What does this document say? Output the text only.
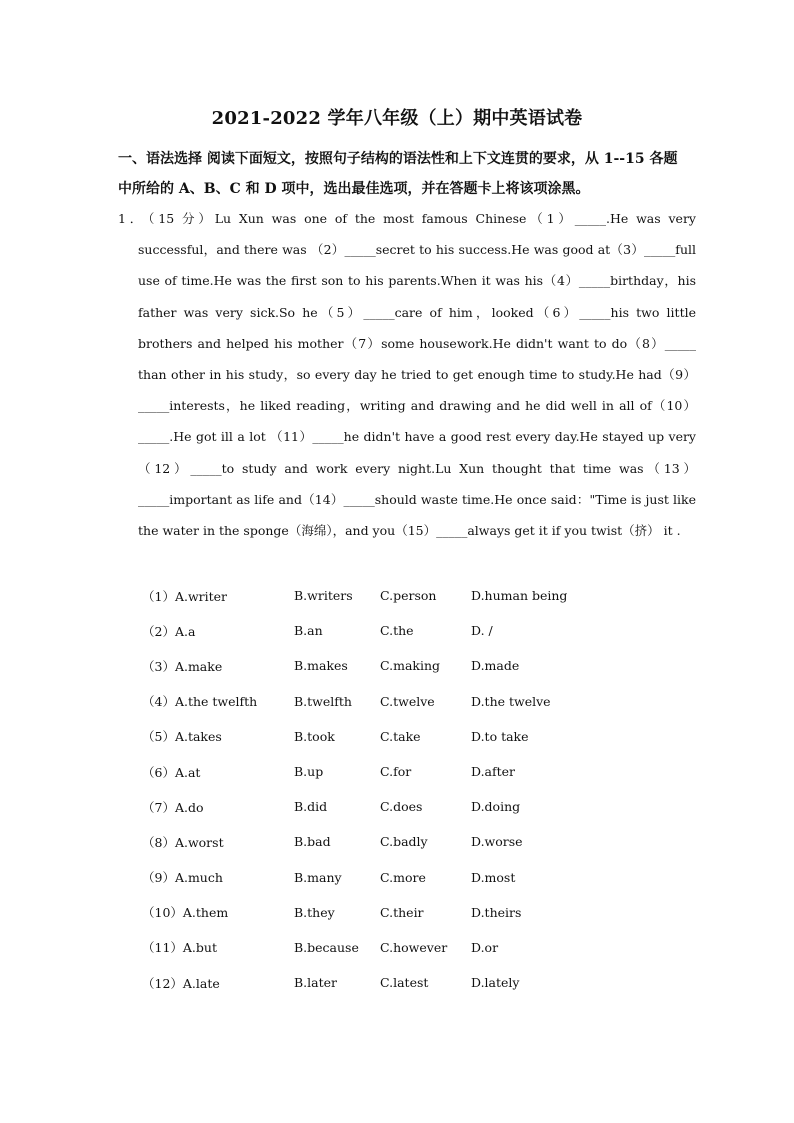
2021-2022 学年八年级（上）期中英语试卷
一、语法选择 阅读下面短文，按照句子结构的语法性和上下文连贯的要求，从 1--15 各题中所给的 A、B、C 和 D 项中，选出最佳选项，并在答题卡上将该项涂黑。
1． （15 分）Lu Xun was one of the most famous Chinese（1）_____.He was very successful，and there was （2）_____secret to his success.He was good at（3）_____full use of time.He was the first son to his parents.When it was his（4）_____birthday，his father was very sick.So he（5）_____care of him，looked（6）_____his two little brothers and helped his mother（7）some housework.He didn't want to do（8）_____ than other in his study，so every day he tried to get enough time to study.He had（9）_____interests，he liked reading，writing and drawing and he did well in all of（10）_____.He got ill a lot （11）_____he didn't have a good rest every day.He stayed up very（12）_____to study and work every night.Lu Xun thought that time was（13）_____important as life and（14）_____should waste time.He once said："Time is just like the water in the sponge（海绵），and you（15）_____always get it if you twist（挤） it .
（1）A.writer	B.writers	C.person	D.human being
（2）A.a	B.an	C.the	D. /
（3）A.make	B.makes	C.making	D.made
（4）A.the twelfth	B.twelfth	C.twelve	D.the twelve
（5）A.takes	B.took	C.take	D.to take
（6）A.at	B.up	C.for	D.after
（7）A.do	B.did	C.does	D.doing
（8）A.worst	B.bad	C.badly	D.worse
（9）A.much	B.many	C.more	D.most
（10）A.them	B.they	C.their	D.theirs
（11）A.but	B.because	C.however	D.or
（12）A.late	B.later	C.latest	D.lately
